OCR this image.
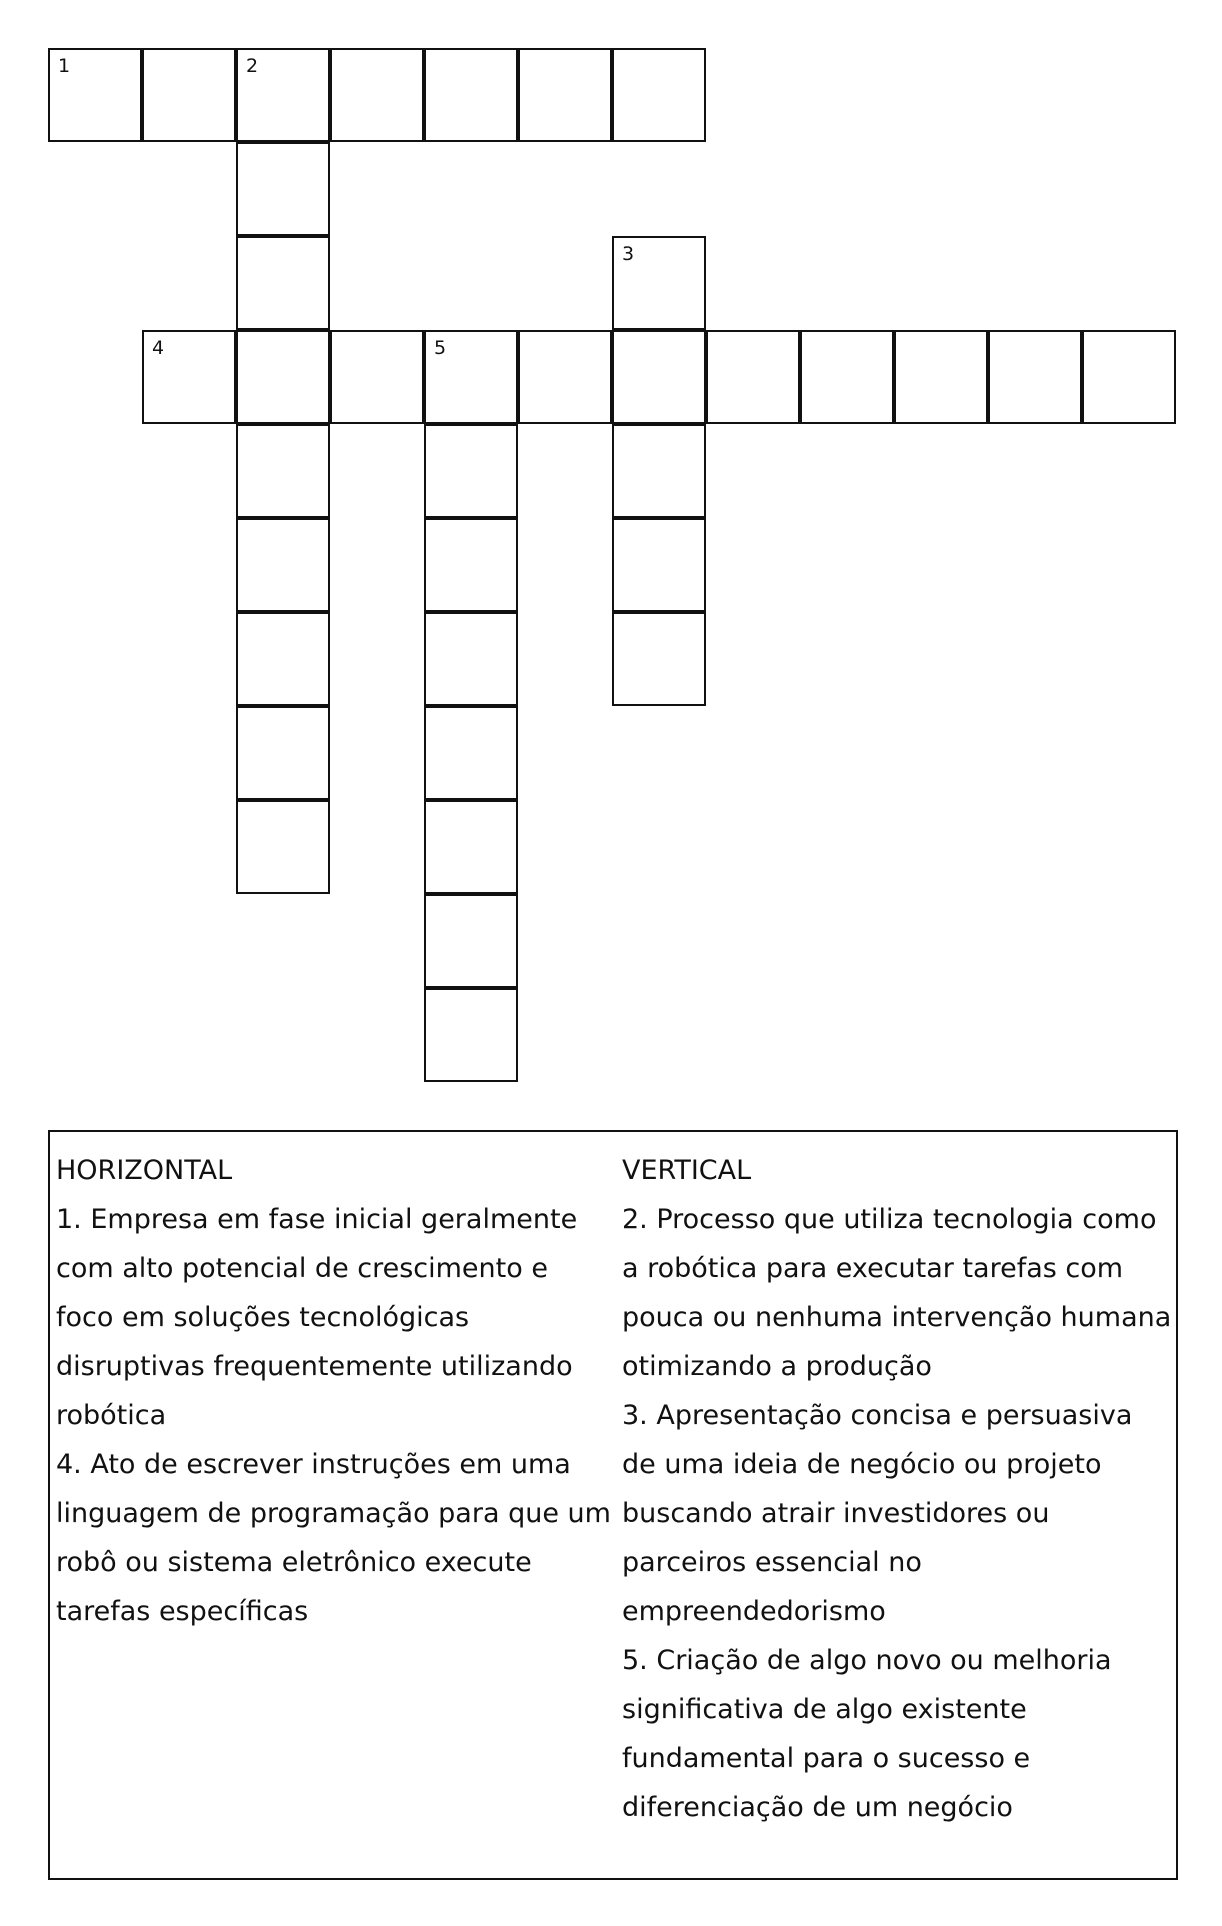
1	2
3
4	5

HORIZONTAL

1. Empresa em fase inicial geralmente com alto potencial de crescimento e foco em soluções tecnológicas disruptivas frequentemente utilizando robótica

4. Ato de escrever instruções em uma linguagem de programação para que um robô ou sistema eletrônico execute tarefas específicas

VERTICAL

2. Processo que utiliza tecnologia como a robótica para executar tarefas com pouca ou nenhuma intervenção humana otimizando a produção

3. Apresentação concisa e persuasiva de uma ideia de negócio ou projeto buscando atrair investidores ou parceiros essencial no empreendedorismo

5. Criação de algo novo ou melhoria significativa de algo existente fundamental para o sucesso e diferenciação de um negócio
